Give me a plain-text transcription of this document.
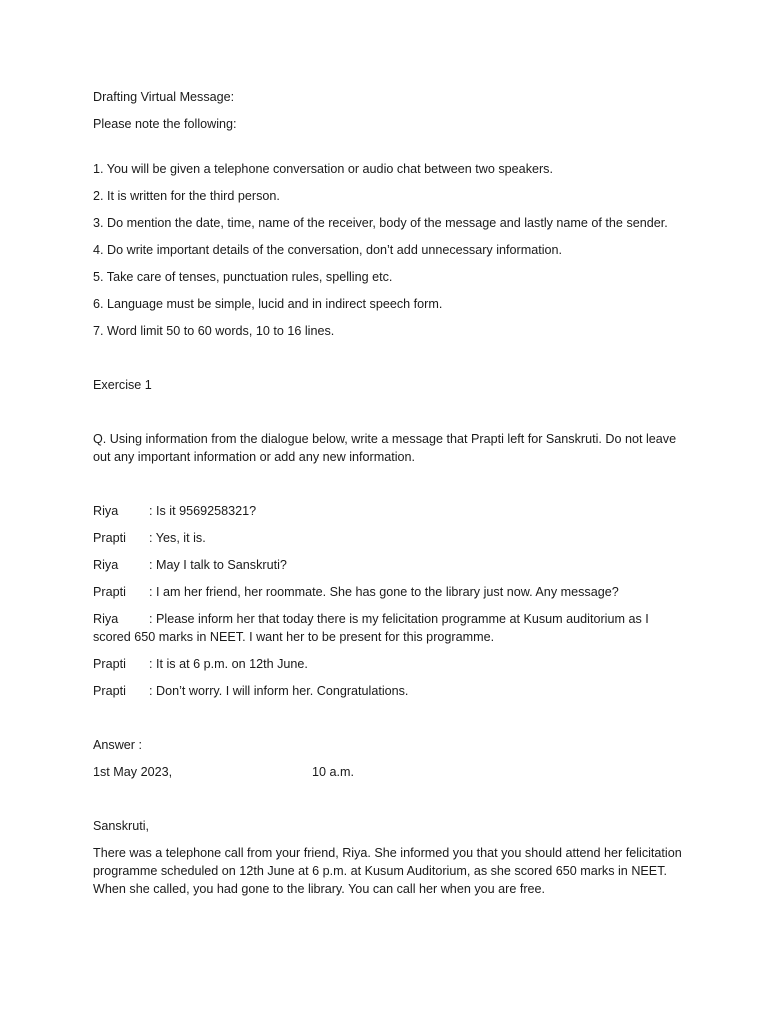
Drafting Virtual Message:

Please note the following:

1. You will be given a telephone conversation or audio chat between two speakers.

2. It is written for the third person.

3. Do mention the date, time, name of the receiver, body of the message and lastly name of the sender.

4. Do write important details of the conversation, don’t add unnecessary information.

5. Take care of tenses, punctuation rules, spelling etc.

6. Language must be simple, lucid and in indirect speech form.

7. Word limit 50 to 60 words, 10 to 16 lines.

Exercise 1

Q. Using information from the dialogue below, write a message that Prapti left for Sanskruti. Do not leave out any important information or add any new information.

Riya : Is it 9569258321?
Prapti : Yes, it is.
Riya : May I talk to Sanskruti?
Prapti : I am her friend, her roommate. She has gone to the library just now. Any message?
Riya : Please inform her that today there is my felicitation programme at Kusum auditorium as I scored 650 marks in NEET. I want her to be present for this programme.
Prapti : It is at 6 p.m. on 12th June.
Prapti : Don’t worry. I will inform her. Congratulations.

Answer :

1st May 2023,	10 a.m.

Sanskruti,

There was a telephone call from your friend, Riya. She informed you that you should attend her felicitation programme scheduled on 12th June at 6 p.m. at Kusum Auditorium, as she scored 650 marks in NEET. When she called, you had gone to the library. You can call her when you are free.
